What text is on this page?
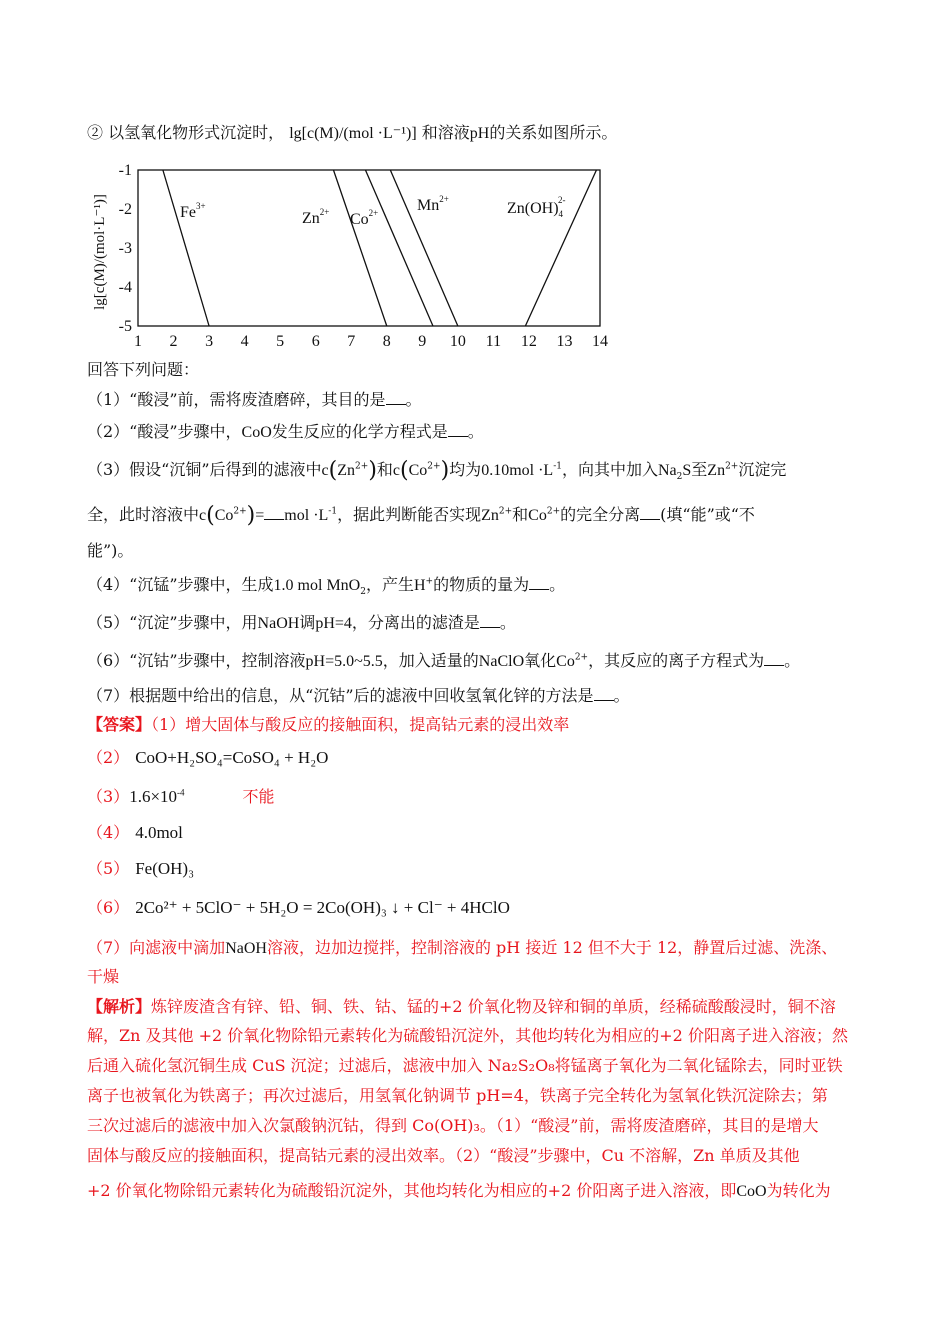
② 以氢氧化物形式沉淀时， lg[c(M)/(mol ·L⁻¹)] 和溶液pH的关系如图所示。
-1
-2
-3
-4
-5
1 2 3 4 5 6 7 8 9 10 11 12 13 14
lg[c(M)/(mol·L⁻¹)]	$Fe^{3+}$
$Zn^{2+}$ $Co^{2+}$ $Mn^{2+}$
$Zn(OH)_42-$
回答下列问题：
（1）“酸浸”前，需将废渣磨碎，其目的是 。
（2）“酸浸”步骤中，CoO发生反应的化学方程式是 。
（3）假设“沉铜”后得到的滤液中$c(Zn^{2+})$和$c(Co^{2+})$均为$0.10mol \cdot L^{-1}$，向其中加入$Na_2S$至$Zn^{2+}$沉淀完
全，此时溶液中$c(Co^{2+})=$ mol $\cdot L^{-1}$，据此判断能否实现$Zn^{2+}$和$Co^{2+}$的完全分离 (填“能”或“不
能”)。
（4）“沉锰”步骤中，生成1.0 mol MnO$_2$，产生H+的物质的量为 。
（5）“沉淀”步骤中，用NaOH调pH=4，分离出的滤渣是 。
（6）“沉钴”步骤中，控制溶液pH=5.0~5.5，加入适量的NaClO氧化$Co^{2+}$，其反应的离子方程式为 。
（7）根据题中给出的信息，从“沉钴”后的滤液中回收氢氧化锌的方法是 。
【答案】（1）增大固体与酸反应的接触面积，提高钴元素的浸出效率
（2） CoO+H₂SO₄=CoSO₄ + H₂O
$(3)1.6\times 10^{-4}$	不能
（4） 4.0mol
（5） Fe(OH)₃
（6） 2Co²⁺ + 5ClO⁻ + 5H₂O = 2Co(OH)₃ ↓ + Cl⁻ + 4HClO
（7）向滤液中滴加NaOH溶液，边加边搅拌，控制溶液的 pH 接近 12 但不大于 12，静置后过滤、洗涤、
干燥
【解析】炼锌废渣含有锌、铅、铜、铁、钴、锰的+2 价氧化物及锌和铜的单质，经稀硫酸酸浸时，铜不溶
解，Zn 及其他 +2 价氧化物除铅元素转化为硫酸铅沉淀外，其他均转化为相应的+2 价阳离子进入溶液；然
后通入硫化氢沉铜生成 CuS 沉淀；过滤后，滤液中加入 Na₂S₂O₈将锰离子氧化为二氧化锰除去，同时亚铁
离子也被氧化为铁离子；再次过滤后，用氢氧化钠调节 pH=4，铁离子完全转化为氢氧化铁沉淀除去；第
三次过滤后的滤液中加入次氯酸钠沉钴，得到 Co(OH)₃。（1）“酸浸”前，需将废渣磨碎，其目的是增大
固体与酸反应的接触面积，提高钴元素的浸出效率。（2）“酸浸”步骤中，Cu 不溶解，Zn 单质及其他
+2 价氧化物除铅元素转化为硫酸铅沉淀外，其他均转化为相应的+2 价阳离子进入溶液，即CoO为转化为
